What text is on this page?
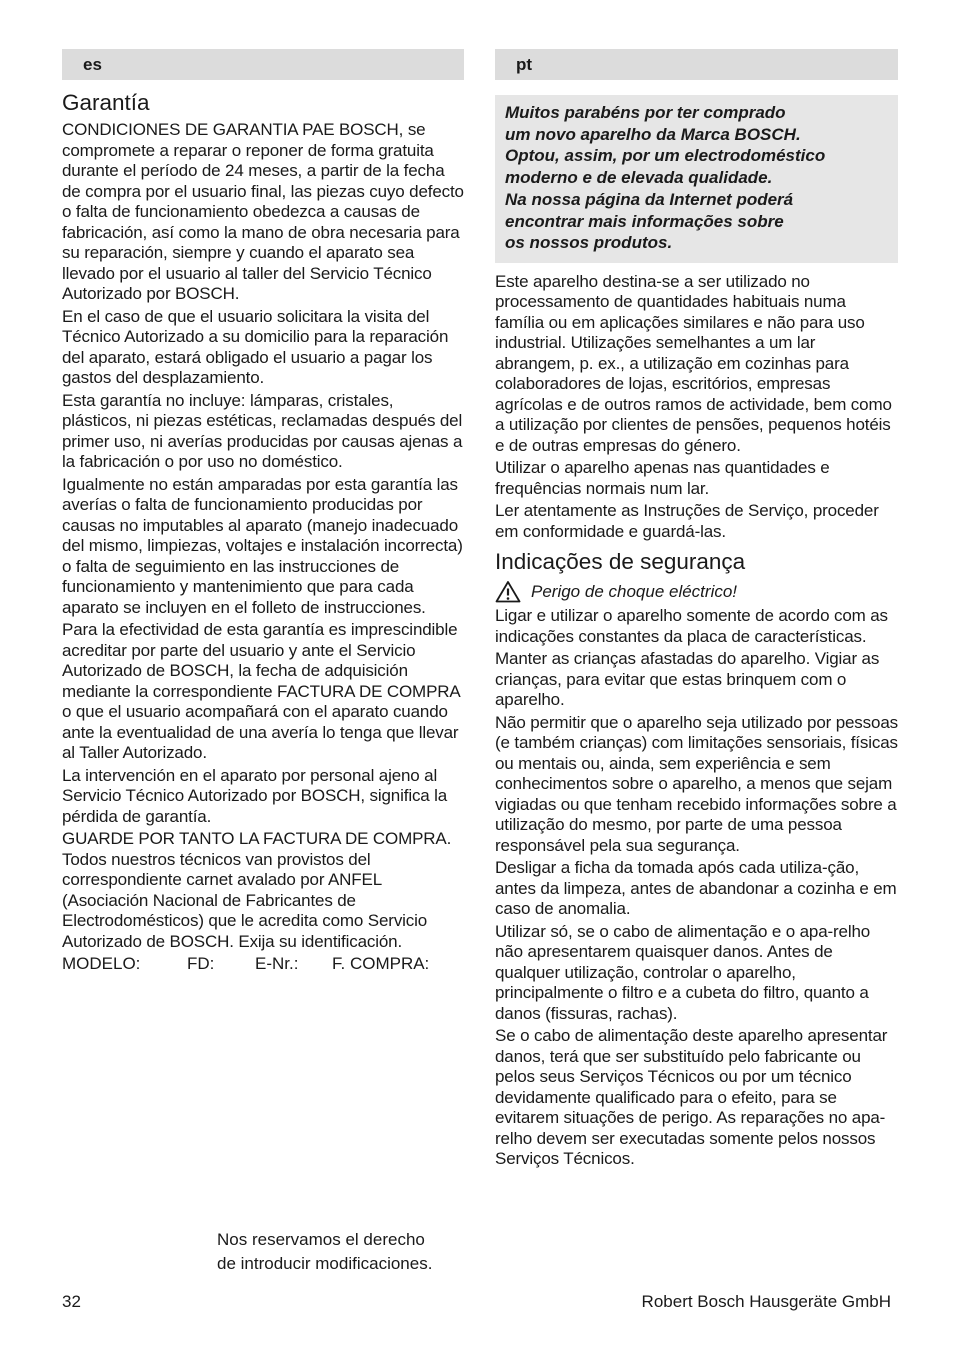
es
Garantía

CONDICIONES DE GARANTIA PAE BOSCH, se compromete a reparar o reponer de forma gratuita durante el período de 24 meses, a partir de la fecha de compra por el usuario final, las piezas cuyo defecto o falta de funcionamiento obedezca a causas de fabricación, así como la mano de obra necesaria para su reparación, siempre y cuando el aparato sea llevado por el usuario al taller del Servicio Técnico Autorizado por BOSCH.

En el caso de que el usuario solicitara la visita del Técnico Autorizado a su domicilio para la reparación del aparato, estará obligado el usuario a pagar los gastos del desplazamiento.

Esta garantía no incluye: lámparas, cristales, plásticos, ni piezas estéticas, reclamadas después del primer uso, ni averías producidas por causas ajenas a la fabricación o por uso no doméstico.

Igualmente no están amparadas por esta garantía las averías o falta de funcionamiento producidas por causas no imputables al aparato (manejo inadecuado del mismo, limpiezas, voltajes e instalación incorrecta) o falta de seguimiento en las instrucciones de funcionamiento y mantenimiento que para cada aparato se incluyen en el folleto de instrucciones.

Para la efectividad de esta garantía es imprescindible acreditar por parte del usuario y ante el Servicio Autorizado de BOSCH, la fecha de adquisición mediante la correspondiente FACTURA DE COMPRA o que el usuario acompañará con el aparato cuando ante la eventualidad de una avería lo tenga que llevar al Taller Autorizado.

La intervención en el aparato por personal ajeno al Servicio Técnico Autorizado por BOSCH, significa la pérdida de garantía.

GUARDE POR TANTO LA FACTURA DE COMPRA. Todos nuestros técnicos van provistos del correspondiente carnet avalado por ANFEL (Asociación Nacional de Fabricantes de Electrodomésticos) que le acredita como Servicio Autorizado de BOSCH. Exija su identificación.

MODELO:	FD:	E-Nr.:	F. COMPRA:
Nos reservamos el derecho
de introducir modificaciones.
pt
Muitos parabéns por ter comprado
um novo aparelho da Marca BOSCH.
Optou, assim, por um electrodoméstico
moderno e de elevada qualidade.
Na nossa página da Internet poderá
encontrar mais informações sobre
os nossos produtos.

Este aparelho destina-se a ser utilizado no processamento de quantidades habituais numa família ou em aplicações similares e não para uso industrial. Utilizações semelhantes a um lar abrangem, p. ex., a utilização em cozinhas para colaboradores de lojas, escritórios, empresas agrícolas e de outros ramos de actividade, bem como a utilização por clientes de pensões, pequenos hotéis e de outras empresas do género.

Utilizar o aparelho apenas nas quantidades e frequências normais num lar.

Ler atentamente as Instruções de Serviço, proceder em conformidade e guardá-las.

Indicações de segurança
Perigo de choque eléctrico!

Ligar e utilizar o aparelho somente de acordo com as indicações constantes da placa de características.

Manter as crianças afastadas do aparelho. Vigiar as crianças, para evitar que estas brinquem com o aparelho.

Não permitir que o aparelho seja utilizado por pessoas (e também crianças) com limitações sensoriais, físicas ou mentais ou, ainda, sem experiência e sem conhecimentos sobre o aparelho, a menos que sejam vigiadas ou que tenham recebido informações sobre a utilização do mesmo, por parte de uma pessoa responsável pela sua segurança.

Desligar a ficha da tomada após cada utiliza-ção, antes da limpeza, antes de abandonar a cozinha e em caso de anomalia.

Utilizar só, se o cabo de alimentação e o apa-relho não apresentarem quaisquer danos. Antes de qualquer utilização, controlar o aparelho, principalmente o filtro e a cubeta do filtro, quanto a danos (fissuras, rachas).

Se o cabo de alimentação deste aparelho apresentar danos, terá que ser substituído pelo fabricante ou pelos seus Serviços Técnicos ou por um técnico devidamente qualificado para o efeito, para se evitarem situações de perigo. As reparações no apa-relho devem ser executadas somente pelos nossos Serviços Técnicos.

32	Robert Bosch Hausgeräte GmbH
